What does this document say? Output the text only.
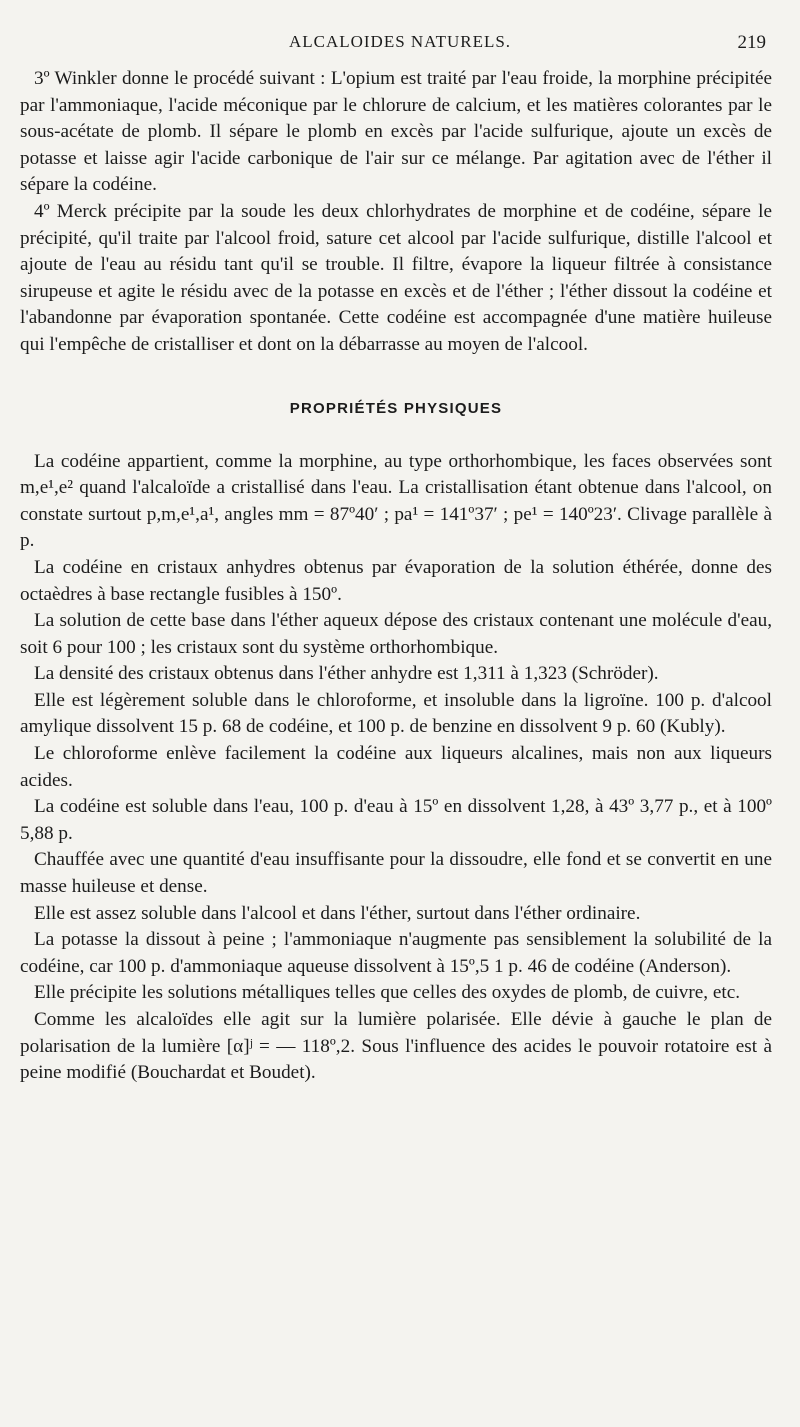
ALCALOIDES NATURELS.	219

3º Winkler donne le procédé suivant : L'opium est traité par l'eau froide, la morphine précipitée par l'ammoniaque, l'acide méconique par le chlorure de calcium, et les matières colorantes par le sous-acétate de plomb. Il sépare le plomb en excès par l'acide sulfurique, ajoute un excès de potasse et laisse agir l'acide carbonique de l'air sur ce mélange. Par agitation avec de l'éther il sépare la codéine.

4º Merck précipite par la soude les deux chlorhydrates de morphine et de codéine, sépare le précipité, qu'il traite par l'alcool froid, sature cet alcool par l'acide sulfurique, distille l'alcool et ajoute de l'eau au résidu tant qu'il se trouble. Il filtre, évapore la liqueur filtrée à consistance sirupeuse et agite le résidu avec de la potasse en excès et de l'éther ; l'éther dissout la codéine et l'abandonne par évaporation spontanée. Cette codéine est accompagnée d'une matière huileuse qui l'empêche de cristalliser et dont on la débarrasse au moyen de l'alcool.

PROPRIÉTÉS PHYSIQUES

La codéine appartient, comme la morphine, au type orthorhombique, les faces observées sont m,e¹,e² quand l'alcaloïde a cristallisé dans l'eau. La cristallisation étant obtenue dans l'alcool, on constate surtout p,m,e¹,a¹, angles mm = 87º40′ ; pa¹ = 141º37′ ; pe¹ = 140º23′. Clivage parallèle à p.

La codéine en cristaux anhydres obtenus par évaporation de la solution éthérée, donne des octaèdres à base rectangle fusibles à 150º.

La solution de cette base dans l'éther aqueux dépose des cristaux contenant une molécule d'eau, soit 6 pour 100 ; les cristaux sont du système orthorhombique.

La densité des cristaux obtenus dans l'éther anhydre est 1,311 à 1,323 (Schröder).

Elle est légèrement soluble dans le chloroforme, et insoluble dans la ligroïne. 100 p. d'alcool amylique dissolvent 15 p. 68 de codéine, et 100 p. de benzine en dissolvent 9 p. 60 (Kubly).

Le chloroforme enlève facilement la codéine aux liqueurs alcalines, mais non aux liqueurs acides.

La codéine est soluble dans l'eau, 100 p. d'eau à 15º en dissolvent 1,28, à 43º 3,77 p., et à 100º 5,88 p.

Chauffée avec une quantité d'eau insuffisante pour la dissoudre, elle fond et se convertit en une masse huileuse et dense.

Elle est assez soluble dans l'alcool et dans l'éther, surtout dans l'éther ordinaire.

La potasse la dissout à peine ; l'ammoniaque n'augmente pas sensiblement la solubilité de la codéine, car 100 p. d'ammoniaque aqueuse dissolvent à 15º,5 1 p. 46 de codéine (Anderson).

Elle précipite les solutions métalliques telles que celles des oxydes de plomb, de cuivre, etc.

Comme les alcaloïdes elle agit sur la lumière polarisée. Elle dévie à gauche le plan de polarisation de la lumière [α]ʲ = — 118º,2. Sous l'influence des acides le pouvoir rotatoire est à peine modifié (Bouchardat et Boudet).
